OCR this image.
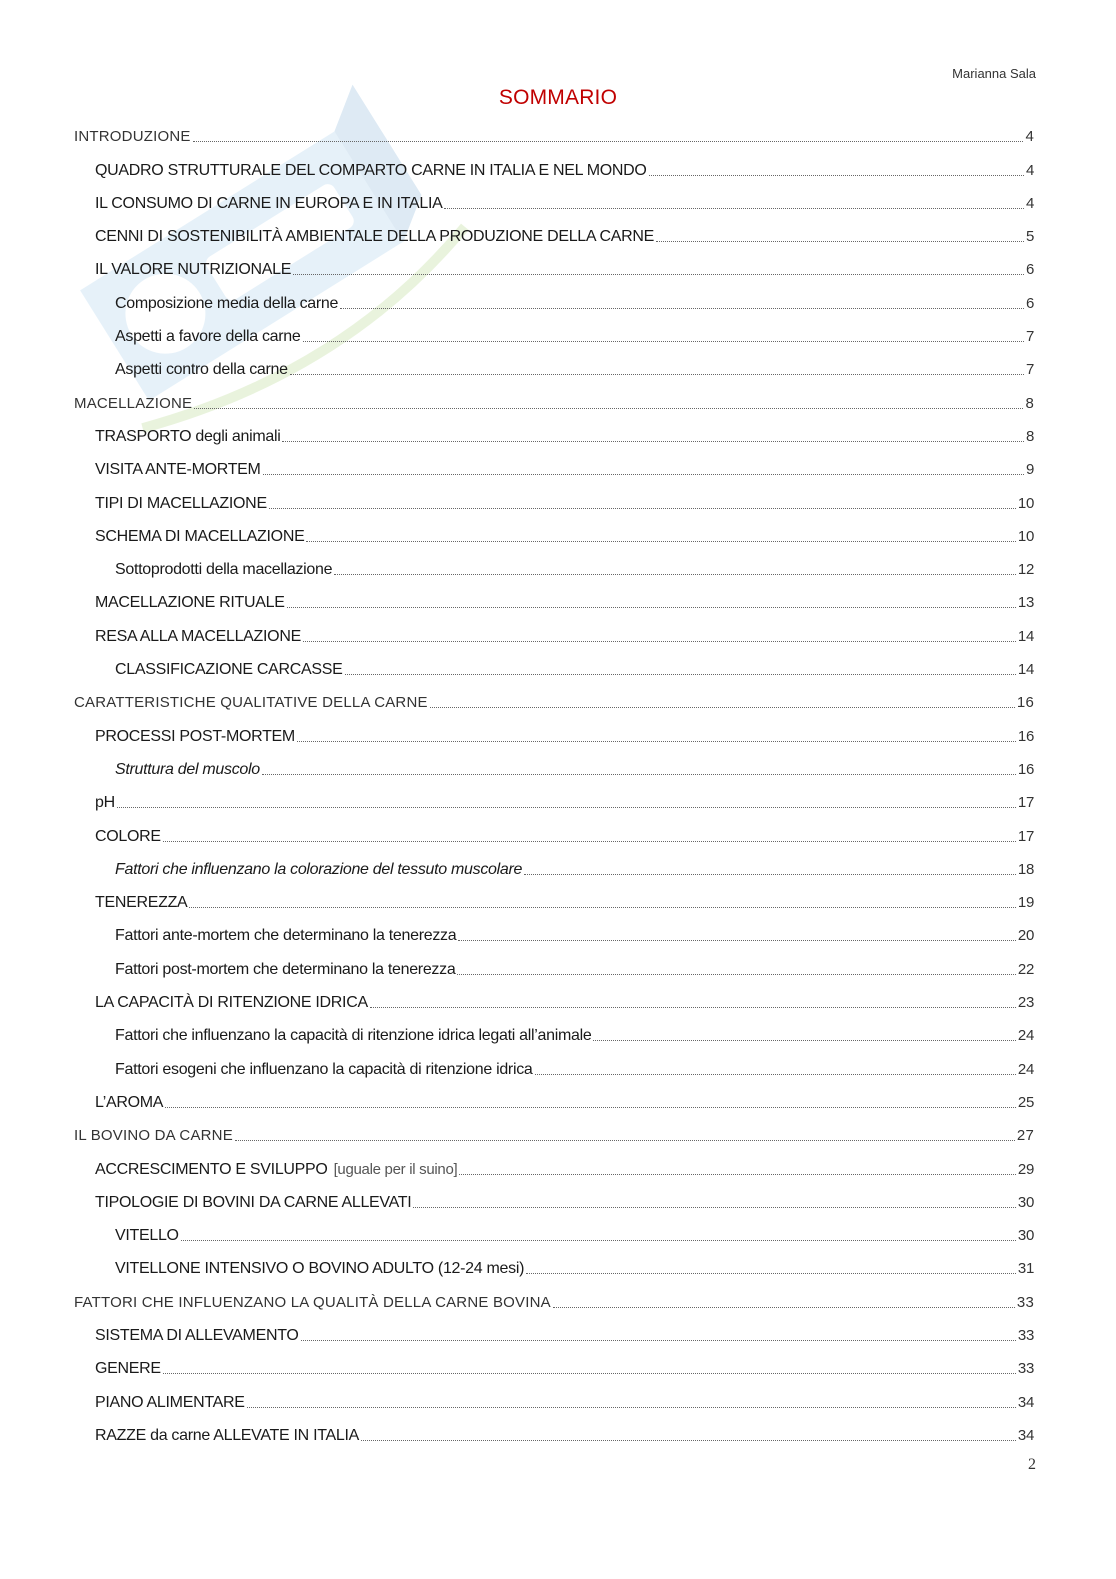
Marianna Sala
SOMMARIO
INTRODUZIONE	4
QUADRO STRUTTURALE DEL COMPARTO CARNE IN ITALIA E NEL MONDO	4
IL CONSUMO DI CARNE IN EUROPA E IN ITALIA	4
CENNI DI SOSTENIBILITÀ AMBIENTALE DELLA PRODUZIONE DELLA CARNE	5
IL VALORE NUTRIZIONALE	6
Composizione media della carne	6
Aspetti a favore della carne	7
Aspetti contro della carne	7
MACELLAZIONE	8
TRASPORTO degli animali	8
VISITA ANTE-MORTEM	9
TIPI DI MACELLAZIONE	10
SCHEMA DI MACELLAZIONE	10
Sottoprodotti della macellazione	12
MACELLAZIONE RITUALE	13
RESA ALLA MACELLAZIONE	14
CLASSIFICAZIONE CARCASSE	14
CARATTERISTICHE QUALITATIVE DELLA CARNE	16
PROCESSI POST-MORTEM	16
Struttura del muscolo	16
pH	17
COLORE	17
Fattori che influenzano la colorazione del tessuto muscolare	18
TENEREZZA	19
Fattori ante-mortem che determinano la tenerezza	20
Fattori post-mortem che determinano la tenerezza	22
LA CAPACITÀ DI RITENZIONE IDRICA	23
Fattori che influenzano la capacità di ritenzione idrica legati all’animale	24
Fattori esogeni che influenzano la capacità di ritenzione idrica	24
L’AROMA	25
IL BOVINO DA CARNE	27
ACCRESCIMENTO E SVILUPPO [uguale per il suino]	29
TIPOLOGIE DI BOVINI DA CARNE ALLEVATI	30
VITELLO	30
VITELLONE INTENSIVO O BOVINO ADULTO (12-24 mesi)	31
FATTORI CHE INFLUENZANO LA QUALITÀ DELLA CARNE BOVINA	33
SISTEMA DI ALLEVAMENTO	33
GENERE	33
PIANO ALIMENTARE	34
RAZZE da carne ALLEVATE IN ITALIA	34
2
